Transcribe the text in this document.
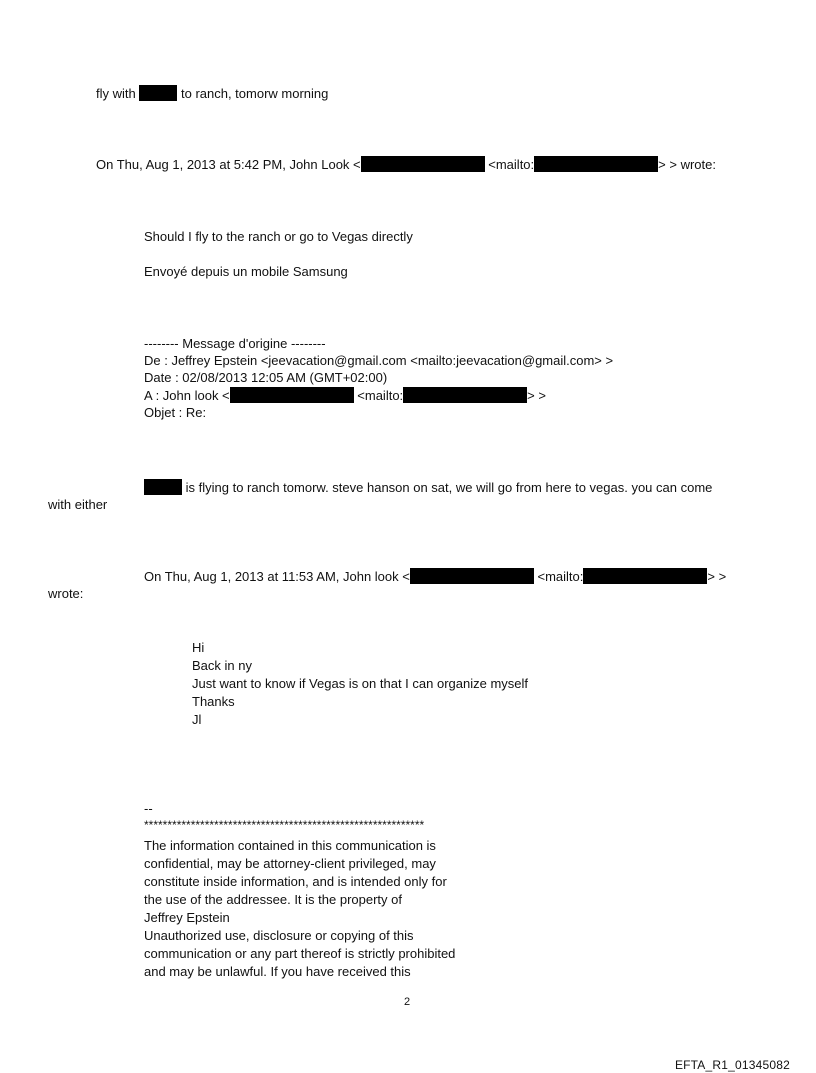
fly with	to ranch, tomorw morning
On Thu, Aug 1, 2013 at 5:42 PM, John Look <	<mailto:	> > wrote:
Should I fly to the ranch or go to Vegas directly
Envoyé depuis un mobile Samsung
-------- Message d'origine --------
De : Jeffrey Epstein <jeevacation@gmail.com <mailto:jeevacation@gmail.com> >
Date : 02/08/2013 12:05 AM (GMT+02:00)
A : John look <	<mailto:	> >
Objet : Re:
is flying to ranch tomorw. steve hanson on sat, we will go from here to vegas. you can come
with either
On Thu, Aug 1, 2013 at 11:53 AM, John look <	<mailto:	> >
wrote:
Hi
Back in ny
Just want to know if Vegas is on that I can organize myself
Thanks
Jl
--
************************************************************
The information contained in this communication is
confidential, may be attorney-client privileged, may
constitute inside information, and is intended only for
the use of the addressee. It is the property of
Jeffrey Epstein
Unauthorized use, disclosure or copying of this
communication or any part thereof is strictly prohibited
and may be unlawful. If you have received this
2
EFTA_R1_01345082
